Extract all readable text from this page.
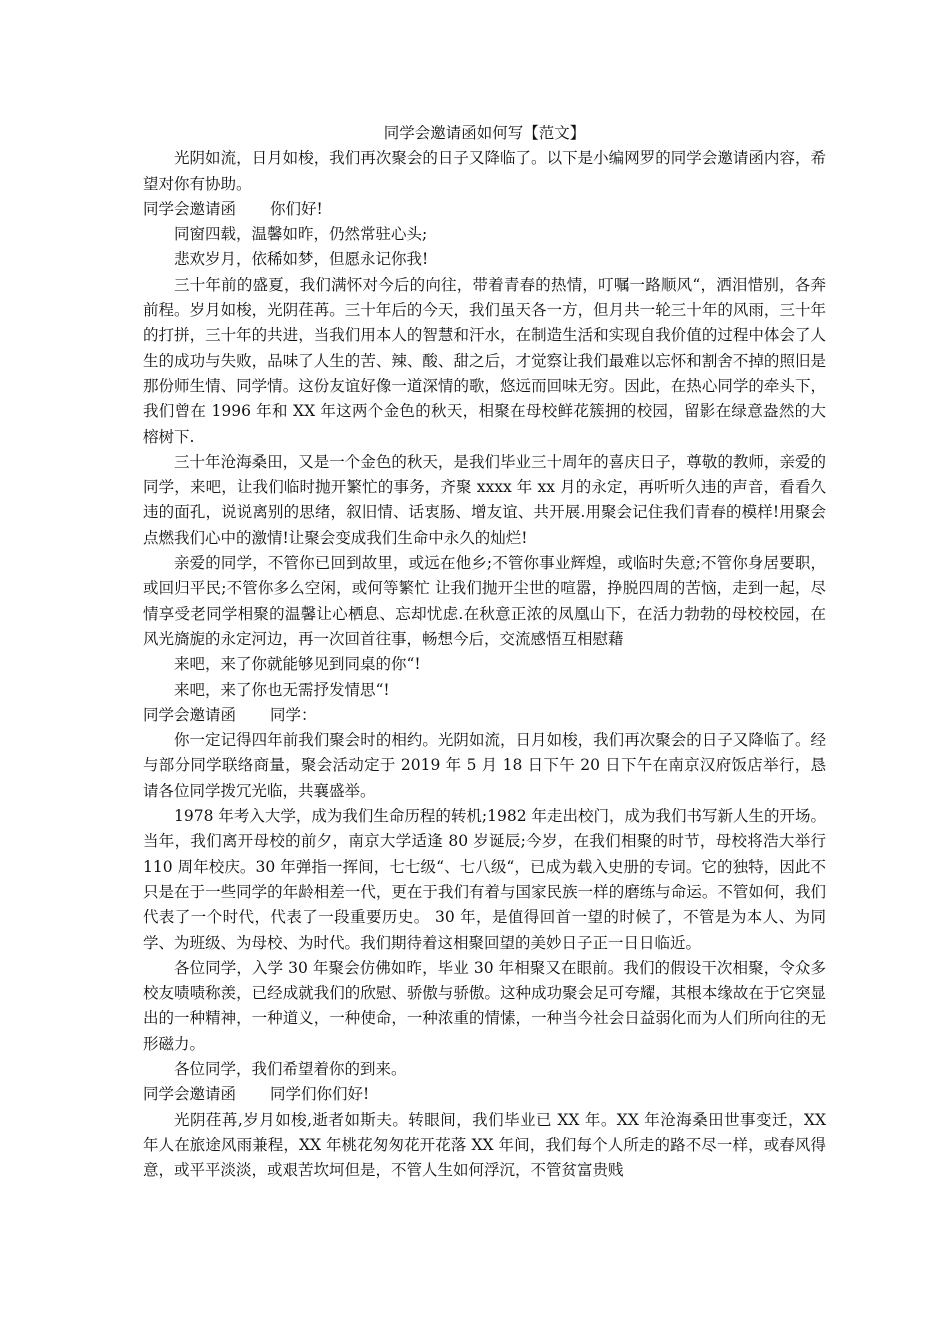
同学会邀请函如何写【范文】

光阴如流，日月如梭，我们再次聚会的日子又降临了。以下是小编网罗的同学会邀请函内容，希望对你有协助。

同学会邀请函 你们好!

同窗四载，温馨如昨，仍然常驻心头;

悲欢岁月，依稀如梦，但愿永记你我!

三十年前的盛夏，我们满怀对今后的向往，带着青春的热情，叮嘱一路顺风“，洒泪惜别，各奔前程。岁月如梭，光阴荏苒。三十年后的今天，我们虽天各一方，但月共一轮三十年的风雨，三十年的打拼，三十年的共进，当我们用本人的智慧和汗水，在制造生活和实现自我价值的过程中体会了人生的成功与失败，品味了人生的苦、辣、酸、甜之后，才觉察让我们最难以忘怀和割舍不掉的照旧是那份师生情、同学情。这份友谊好像一道深情的歌，悠远而回味无穷。因此，在热心同学的牵头下，我们曾在 1996 年和 XX 年这两个金色的秋天，相聚在母校鲜花簇拥的校园，留影在绿意盎然的大榕树下.

三十年沧海桑田，又是一个金色的秋天，是我们毕业三十周年的喜庆日子，尊敬的教师，亲爱的同学，来吧，让我们临时抛开繁忙的事务，齐聚 xxxx 年 xx 月的永定，再听听久违的声音，看看久违的面孔，说说离别的思绪，叙旧情、话衷肠、增友谊、共开展.用聚会记住我们青春的模样!用聚会点燃我们心中的激情!让聚会变成我们生命中永久的灿烂!

亲爱的同学，不管你已回到故里，或远在他乡;不管你事业辉煌，或临时失意;不管你身居要职，或回归平民;不管你多么空闲，或何等繁忙 让我们抛开尘世的喧嚣，挣脱四周的苦恼，走到一起，尽情享受老同学相聚的温馨让心栖息、忘却忧虑.在秋意正浓的凤凰山下，在活力勃勃的母校校园，在风光旖旎的永定河边，再一次回首往事，畅想今后，交流感悟互相慰藉

来吧，来了你就能够见到同桌的你“!

来吧，来了你也无需抒发情思“!

同学会邀请函 同学：

你一定记得四年前我们聚会时的相约。光阴如流，日月如梭，我们再次聚会的日子又降临了。经与部分同学联络商量，聚会活动定于 2019 年 5 月 18 日下午 20 日下午在南京汉府饭店举行，恳请各位同学拨冗光临，共襄盛举。

1978 年考入大学，成为我们生命历程的转机;1982 年走出校门，成为我们书写新人生的开场。当年，我们离开母校的前夕，南京大学适逢 80 岁诞辰;今岁，在我们相聚的时节，母校将浩大举行 110 周年校庆。30 年弹指一挥间，七七级“、七八级“，已成为载入史册的专词。它的独特，因此不只是在于一些同学的年龄相差一代，更在于我们有着与国家民族一样的磨练与命运。不管如何，我们代表了一个时代，代表了一段重要历史。 30 年，是值得回首一望的时候了，不管是为本人、为同学、为班级、为母校、为时代。我们期待着这相聚回望的美妙日子正一日日临近。

各位同学，入学 30 年聚会仿佛如昨，毕业 30 年相聚又在眼前。我们的假设干次相聚，令众多校友啧啧称羡，已经成就我们的欣慰、骄傲与骄傲。这种成功聚会足可夸耀，其根本缘故在于它突显出的一种精神，一种道义，一种使命，一种浓重的情愫，一种当今社会日益弱化而为人们所向往的无形磁力。

各位同学，我们希望着你的到来。

同学会邀请函 同学们你们好!

光阴荏苒,岁月如梭,逝者如斯夫。转眼间，我们毕业已 XX 年。XX 年沧海桑田世事变迁，XX 年人在旅途风雨兼程，XX 年桃花匆匆花开花落 XX 年间，我们每个人所走的路不尽一样，或春风得意，或平平淡淡，或艰苦坎坷但是，不管人生如何浮沉，不管贫富贵贱
